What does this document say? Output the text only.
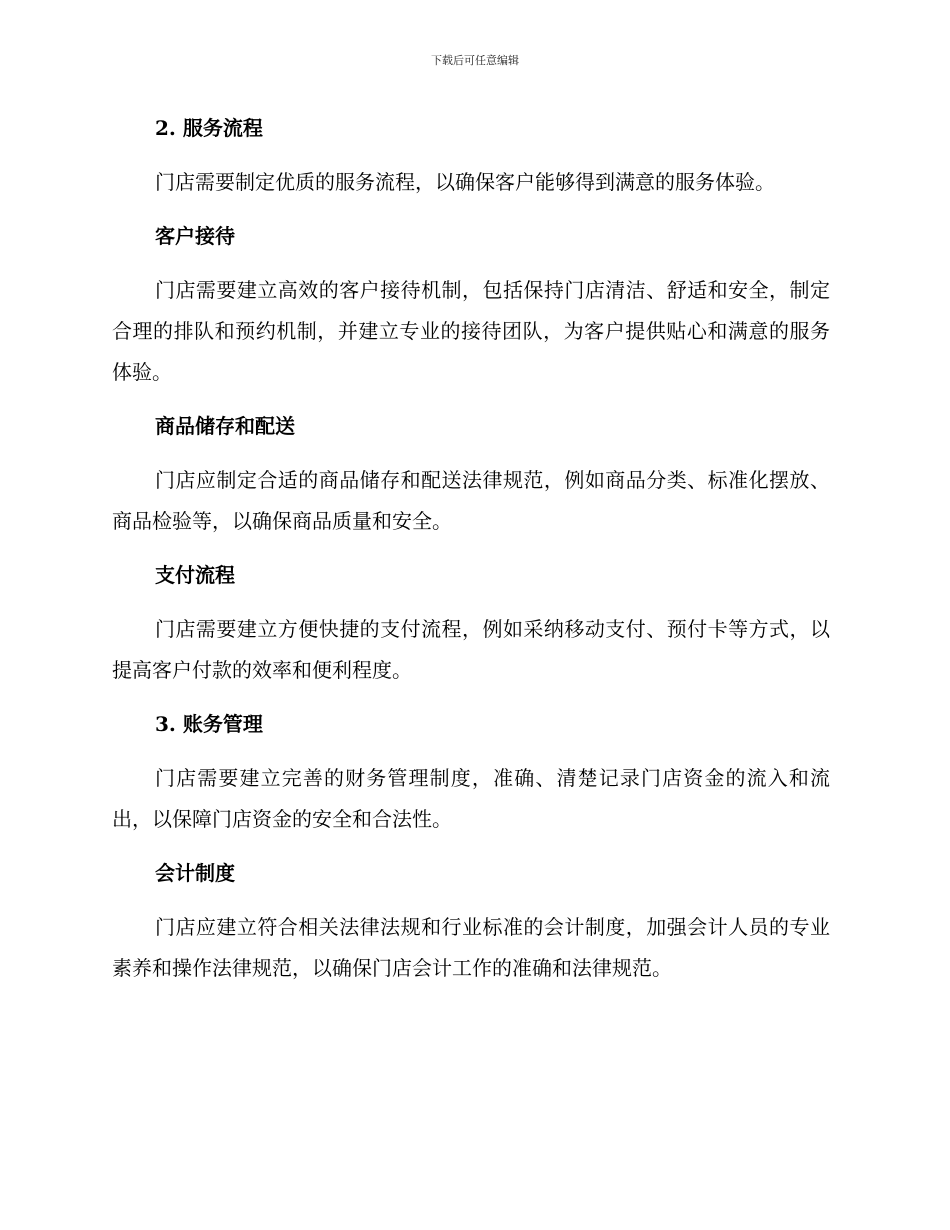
下载后可任意编辑
2. 服务流程

门店需要制定优质的服务流程，以确保客户能够得到满意的服务体验。

客户接待

门店需要建立高效的客户接待机制，包括保持门店清洁、舒适和安全，制定合理的排队和预约机制，并建立专业的接待团队，为客户提供贴心和满意的服务体验。

商品储存和配送

门店应制定合适的商品储存和配送法律规范，例如商品分类、标准化摆放、商品检验等，以确保商品质量和安全。

支付流程

门店需要建立方便快捷的支付流程，例如采纳移动支付、预付卡等方式，以提高客户付款的效率和便利程度。

3. 账务管理

门店需要建立完善的财务管理制度，准确、清楚记录门店资金的流入和流出，以保障门店资金的安全和合法性。

会计制度

门店应建立符合相关法律法规和行业标准的会计制度，加强会计人员的专业素养和操作法律规范，以确保门店会计工作的准确和法律规范。
